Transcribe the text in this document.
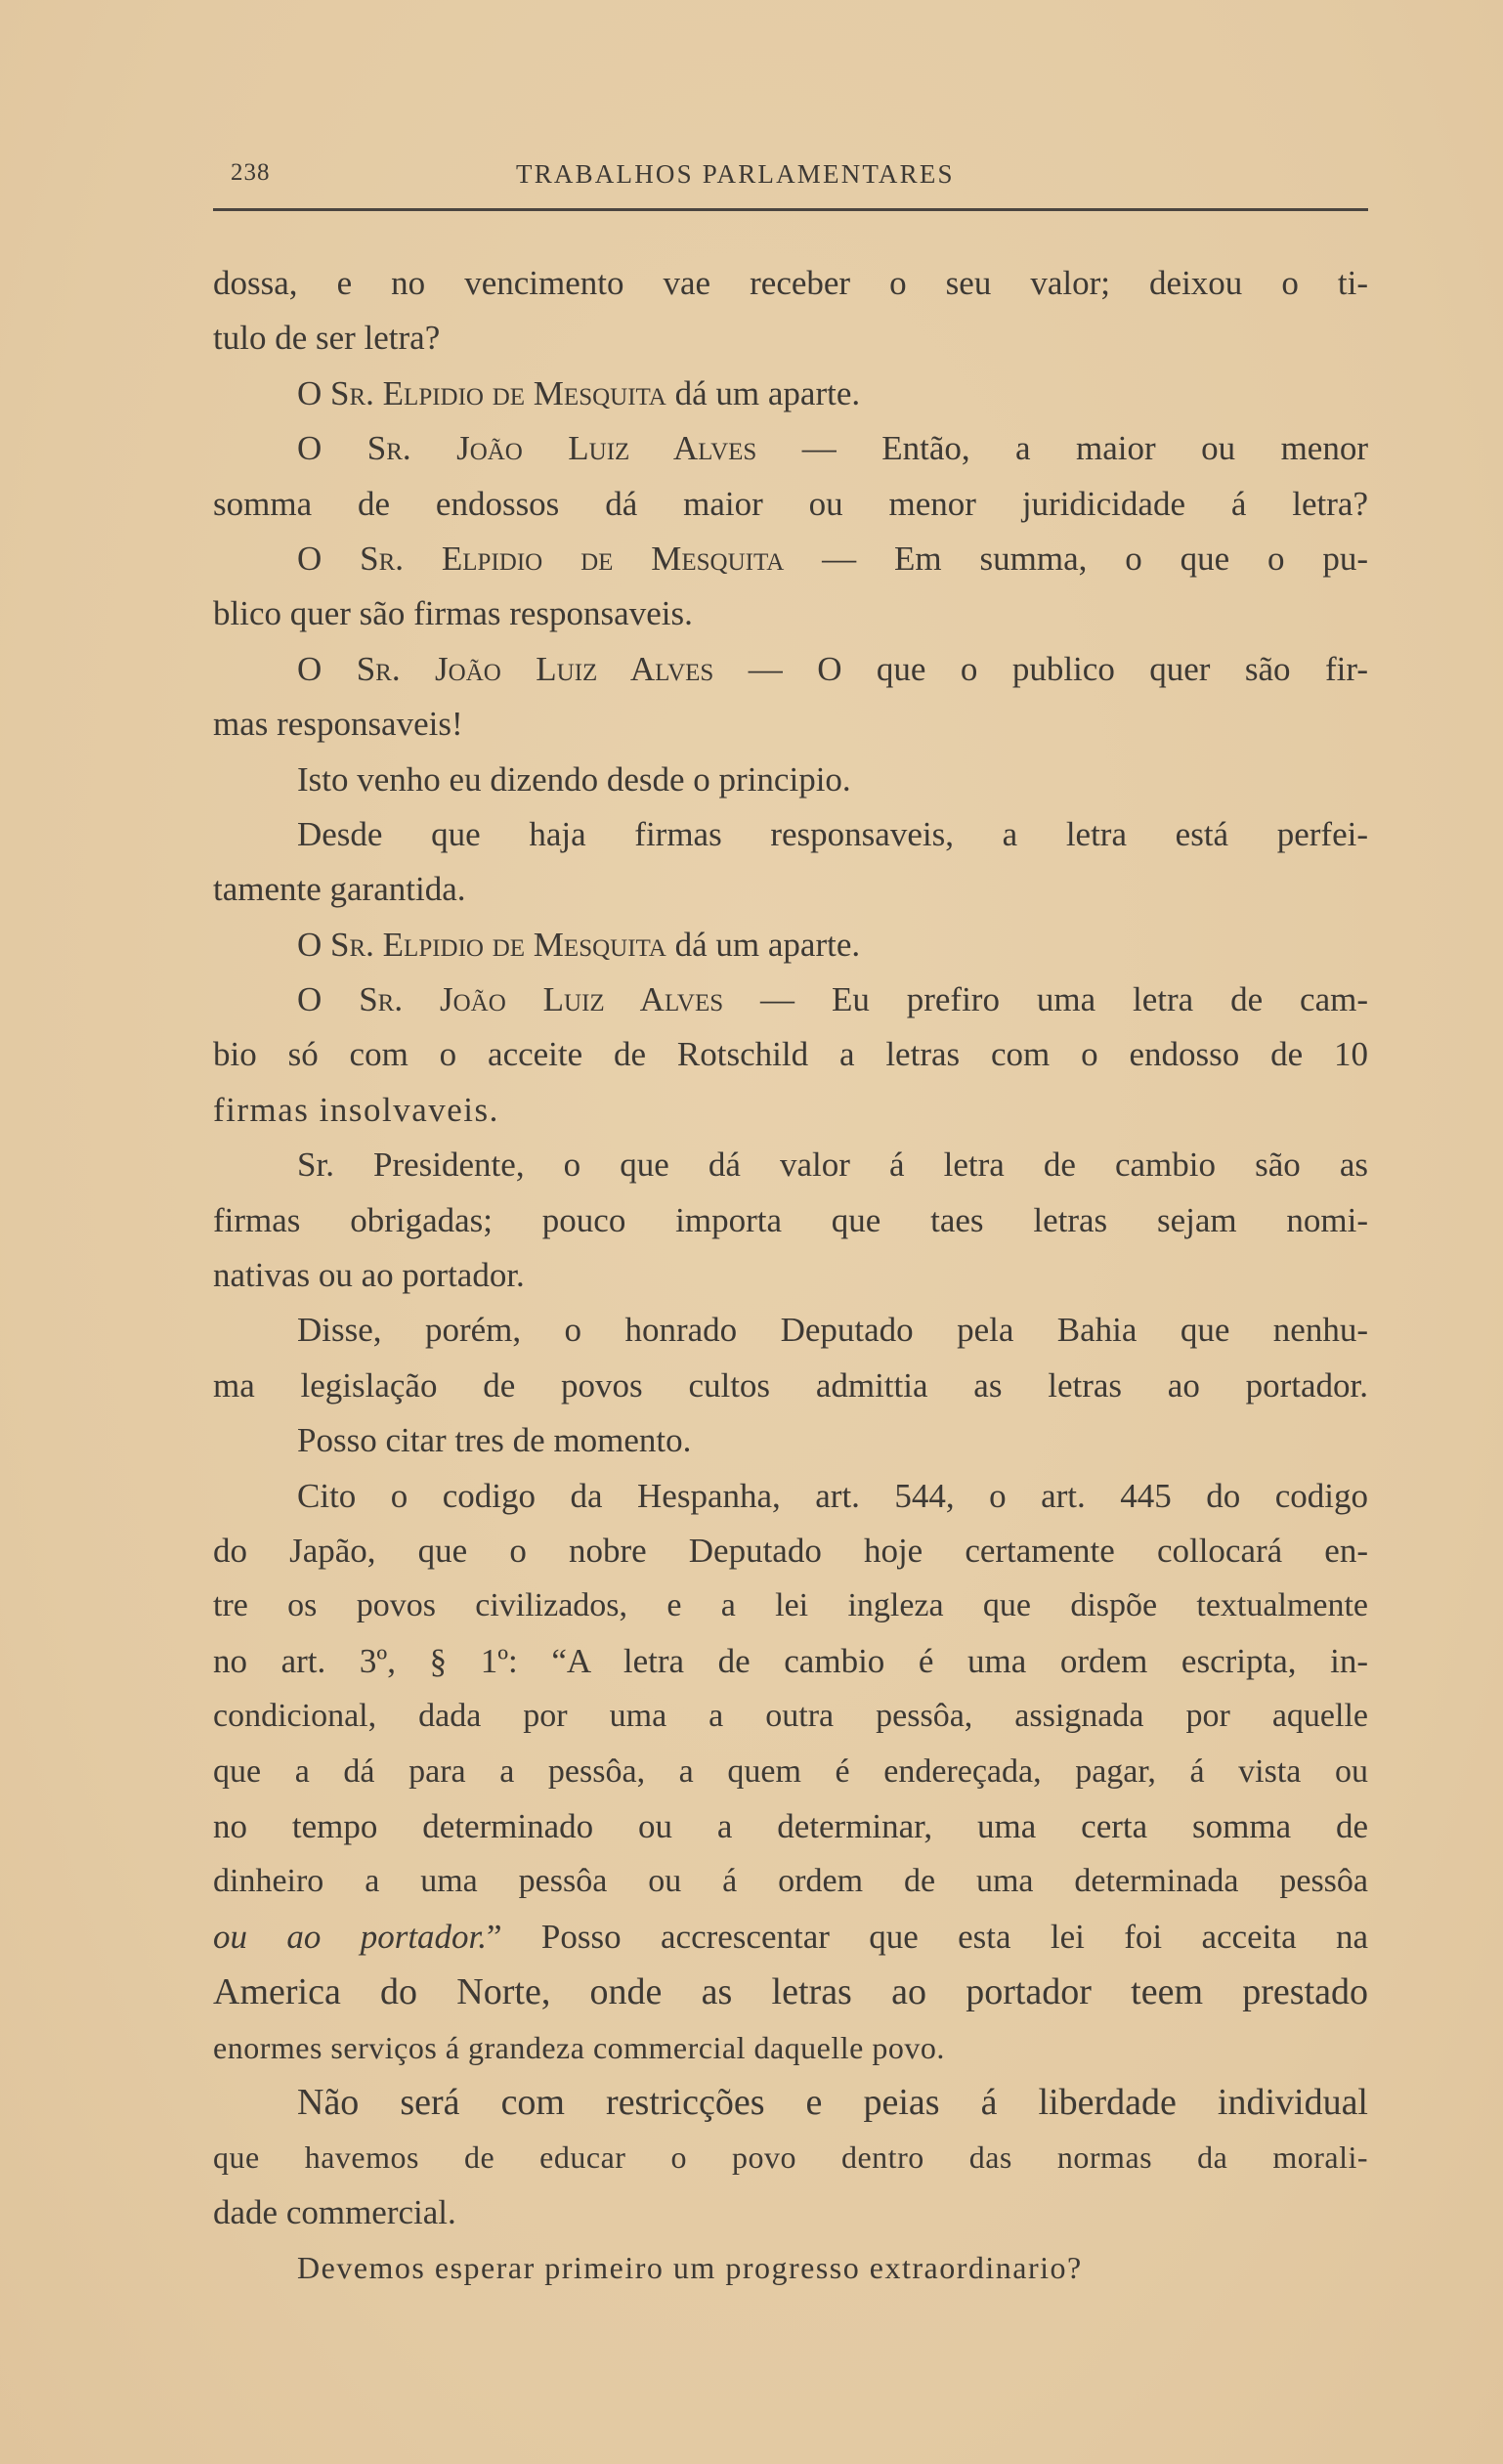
238	TRABALHOS PARLAMENTARES
dossa, e no vencimento vae receber o seu valor; deixou o ti-
tulo de ser letra?
O Sr. Elpidio de Mesquita dá um aparte.
O Sr. João Luiz Alves — Então, a maior ou menor
somma de endossos dá maior ou menor juridicidade á letra?
O Sr. Elpidio de Mesquita — Em summa, o que o pu-
blico quer são firmas responsaveis.
O Sr. João Luiz Alves — O que o publico quer são fir-
mas responsaveis!
Isto venho eu dizendo desde o principio.
Desde que haja firmas responsaveis, a letra está perfei-
tamente garantida.
O Sr. Elpidio de Mesquita dá um aparte.
O Sr. João Luiz Alves — Eu prefiro uma letra de cam-
bio só com o acceite de Rotschild a letras com o endosso de 10
firmas insolvaveis.
Sr. Presidente, o que dá valor á letra de cambio são as
firmas obrigadas; pouco importa que taes letras sejam nomi-
nativas ou ao portador.
Disse, porém, o honrado Deputado pela Bahia que nenhu-
ma legislação de povos cultos admittia as letras ao portador.
Posso citar tres de momento.
Cito o codigo da Hespanha, art. 544, o art. 445 do codigo
do Japão, que o nobre Deputado hoje certamente collocará en-
tre os povos civilizados, e a lei ingleza que dispõe textualmente
no art. 3º, § 1º: “A letra de cambio é uma ordem escripta, in-
condicional, dada por uma a outra pessôa, assignada por aquelle
que a dá para a pessôa, a quem é endereçada, pagar, á vista ou
no tempo determinado ou a determinar, uma certa somma de
dinheiro a uma pessôa ou á ordem de uma determinada pessôa
ou ao portador.” Posso accrescentar que esta lei foi acceita na
America do Norte, onde as letras ao portador teem prestado
enormes serviços á grandeza commercial daquelle povo.
Não será com restricções e peias á liberdade individual
que havemos de educar o povo dentro das normas da morali-
dade commercial.
Devemos esperar primeiro um progresso extraordinario?
